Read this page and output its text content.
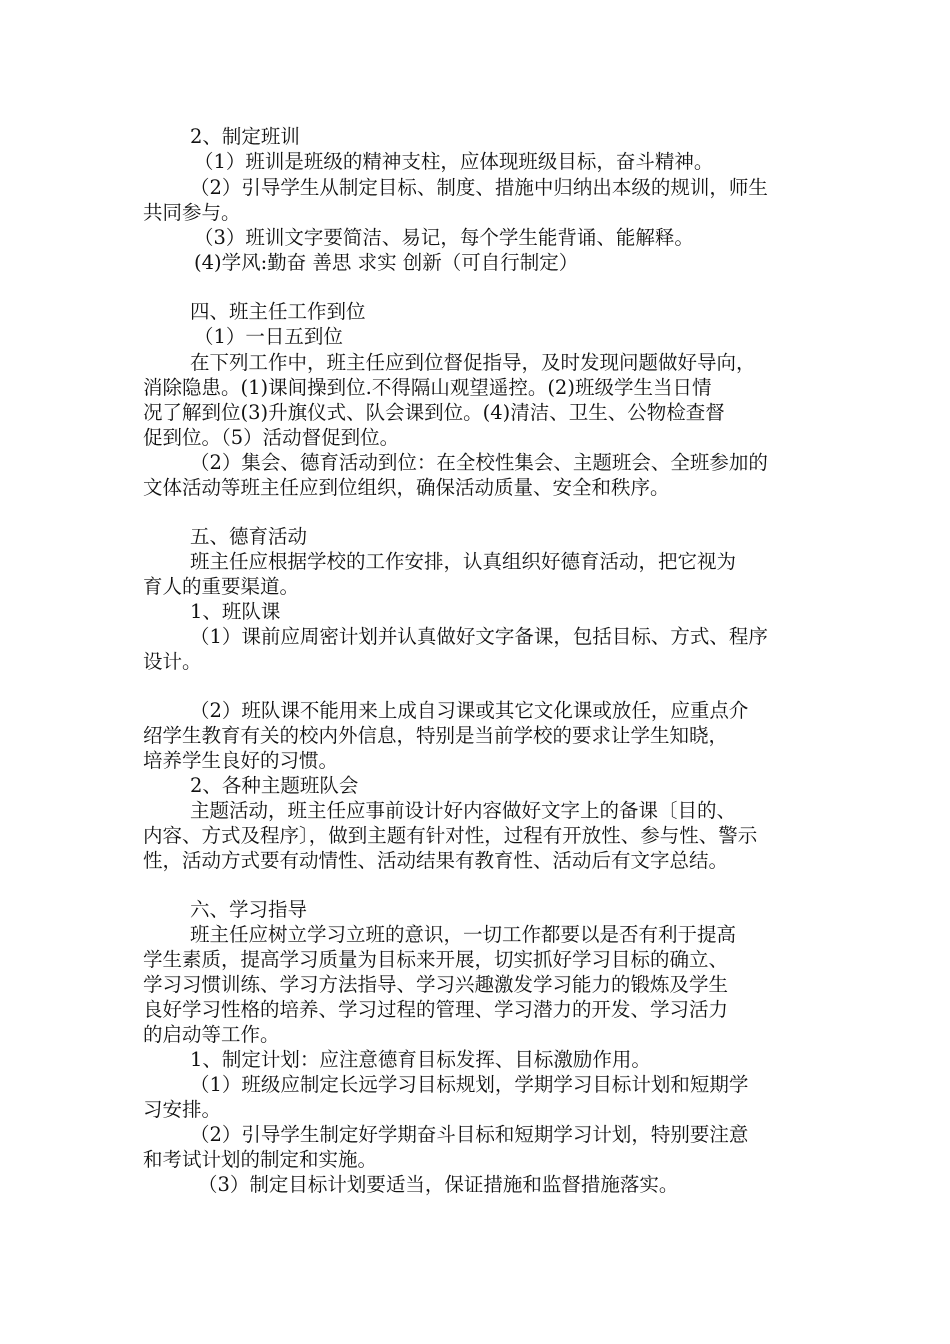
2、制定班训
（1）班训是班级的精神支柱，应体现班级目标，奋斗精神。
（2）引导学生从制定目标、制度、措施中归纳出本级的规训，师生
共同参与。
（3）班训文字要简洁、易记，每个学生能背诵、能解释。
(4)学风:勤奋 善思 求实 创新（可自行制定）
四、班主任工作到位
（1）一日五到位
在下列工作中，班主任应到位督促指导，及时发现问题做好导向，
消除隐患。(1)课间操到位.不得隔山观望遥控。(2)班级学生当日情
况了解到位(3)升旗仪式、队会课到位。(4)清洁、卫生、公物检查督
促到位。（5）活动督促到位。
（2）集会、德育活动到位：在全校性集会、主题班会、全班参加的
文体活动等班主任应到位组织，确保活动质量、安全和秩序。
五、德育活动
班主任应根据学校的工作安排，认真组织好德育活动，把它视为
育人的重要渠道。
1、班队课
（1）课前应周密计划并认真做好文字备课，包括目标、方式、程序
设计。
（2）班队课不能用来上成自习课或其它文化课或放任，应重点介
绍学生教育有关的校内外信息，特别是当前学校的要求让学生知晓，
培养学生良好的习惯。
2、各种主题班队会
主题活动，班主任应事前设计好内容做好文字上的备课〔目的、
内容、方式及程序〕，做到主题有针对性，过程有开放性、参与性、警示
性，活动方式要有动情性、活动结果有教育性、活动后有文字总结。
六、学习指导
班主任应树立学习立班的意识，一切工作都要以是否有利于提高
学生素质，提高学习质量为目标来开展，切实抓好学习目标的确立、
学习习惯训练、学习方法指导、学习兴趣激发学习能力的锻炼及学生
良好学习性格的培养、学习过程的管理、学习潜力的开发、学习活力
的启动等工作。
1、制定计划：应注意德育目标发挥、目标激励作用。
（1）班级应制定长远学习目标规划，学期学习目标计划和短期学
习安排。
（2）引导学生制定好学期奋斗目标和短期学习计划，特别要注意
和考试计划的制定和实施。
（3）制定目标计划要适当，保证措施和监督措施落实。
